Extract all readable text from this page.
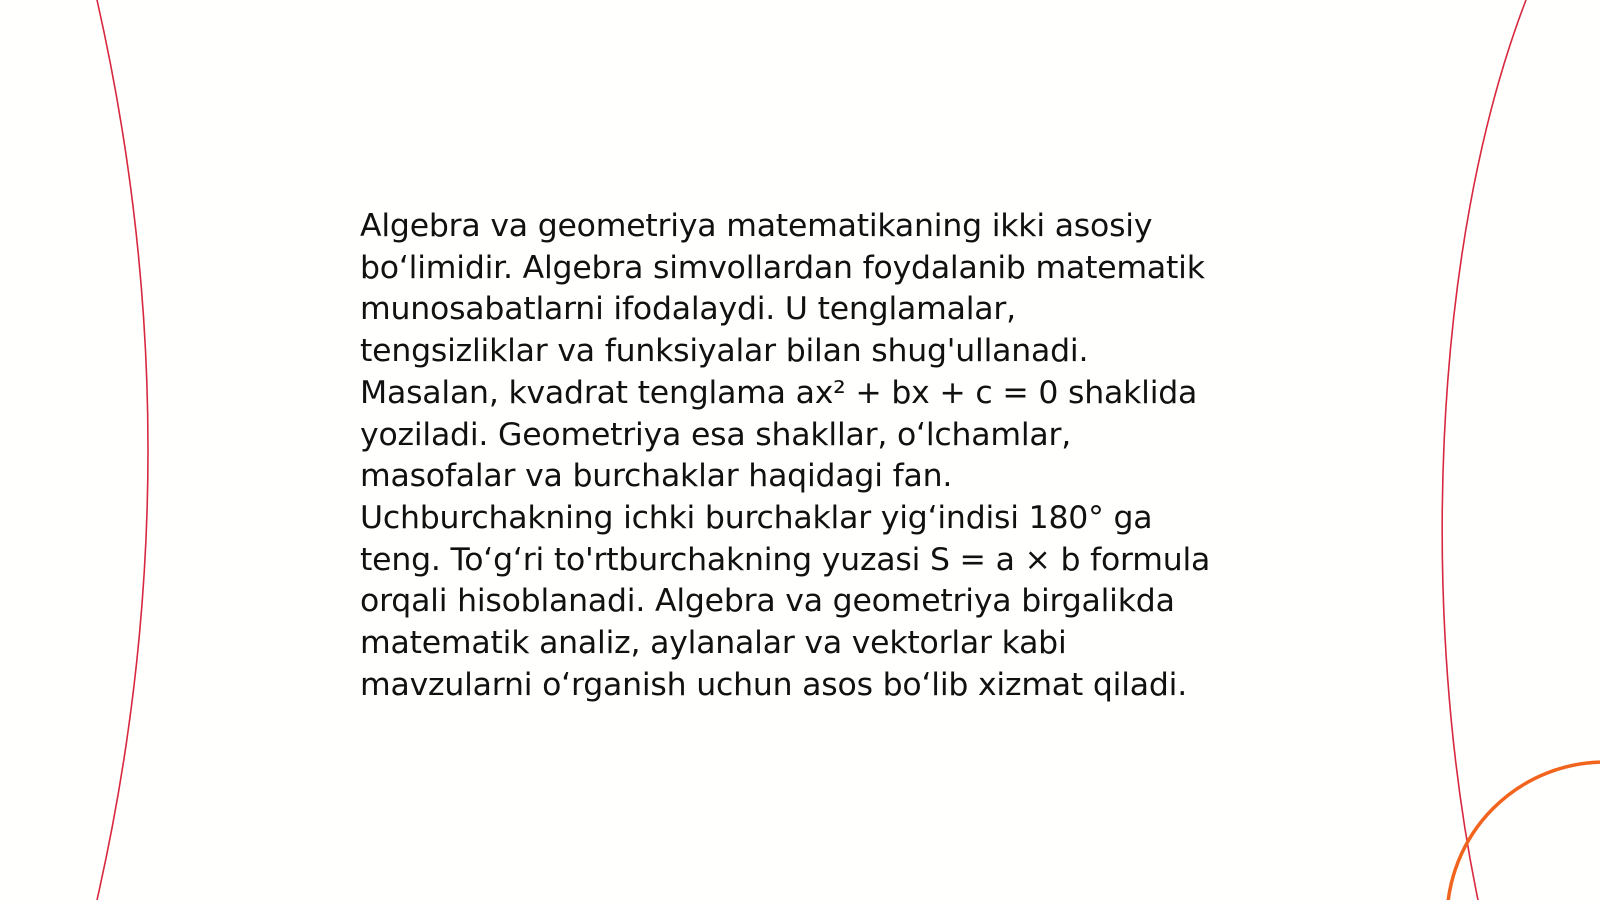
Algebra va geometriya matematikaning ikki asosiy
bo‘limidir. Algebra simvollardan foydalanib matematik
munosabatlarni ifodalaydi. U tenglamalar,
tengsizliklar va funksiyalar bilan shug'ullanadi.
Masalan, kvadrat tenglama ax² + bx + c = 0 shaklida
yoziladi. Geometriya esa shakllar, o‘lchamlar,
masofalar va burchaklar haqidagi fan.
Uchburchakning ichki burchaklar yig‘indisi 180° ga
teng. To‘g‘ri to'rtburchakning yuzasi S = a × b formula
orqali hisoblanadi. Algebra va geometriya birgalikda
matematik analiz, aylanalar va vektorlar kabi
mavzularni o‘rganish uchun asos bo‘lib xizmat qiladi.
